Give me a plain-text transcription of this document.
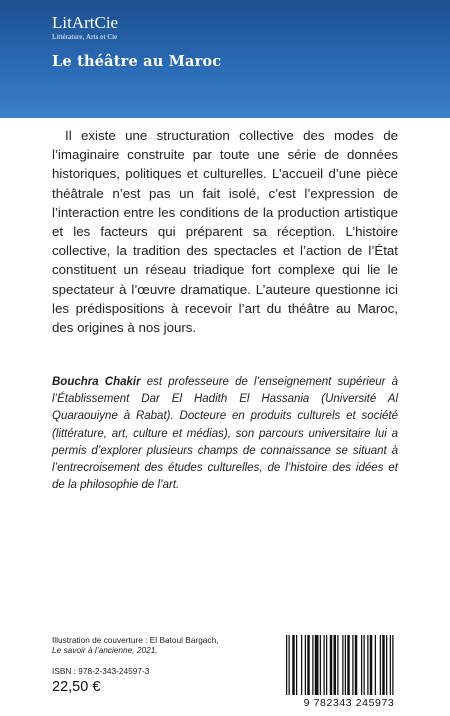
LitArtCie
Littérature, Arts et Cie
Le théâtre au Maroc

Il existe une structuration collective des modes de l’imaginaire construite par toute une série de données historiques, politiques et culturelles. L’accueil d’une pièce théâtrale n’est pas un fait isolé, c’est l’expression de l’interaction entre les conditions de la production artistique et les facteurs qui préparent sa réception. L’histoire collective, la tradition des spectacles et l’action de l’État constituent un réseau triadique fort complexe qui lie le spectateur à l’œuvre dramatique. L’auteure questionne ici les prédispositions à recevoir l’art du théâtre au Maroc, des origines à nos jours.

Bouchra Chakir est professeure de l’enseignement supérieur à l’Établissement Dar El Hadith El Hassania (Université Al Quaraouiyne à Rabat). Docteure en produits culturels et société (littérature, art, culture et médias), son parcours universitaire lui a permis d’explorer plusieurs champs de connaissance se situant à l’entrecroisement des études culturelles, de l’histoire des idées et de la philosophie de l’art.

Illustration de couverture : El Batoul Bargach,
Le savoir à l’ancienne, 2021.
ISBN : 978-2-343-24597-3
22,50 €
9 782343 245973
